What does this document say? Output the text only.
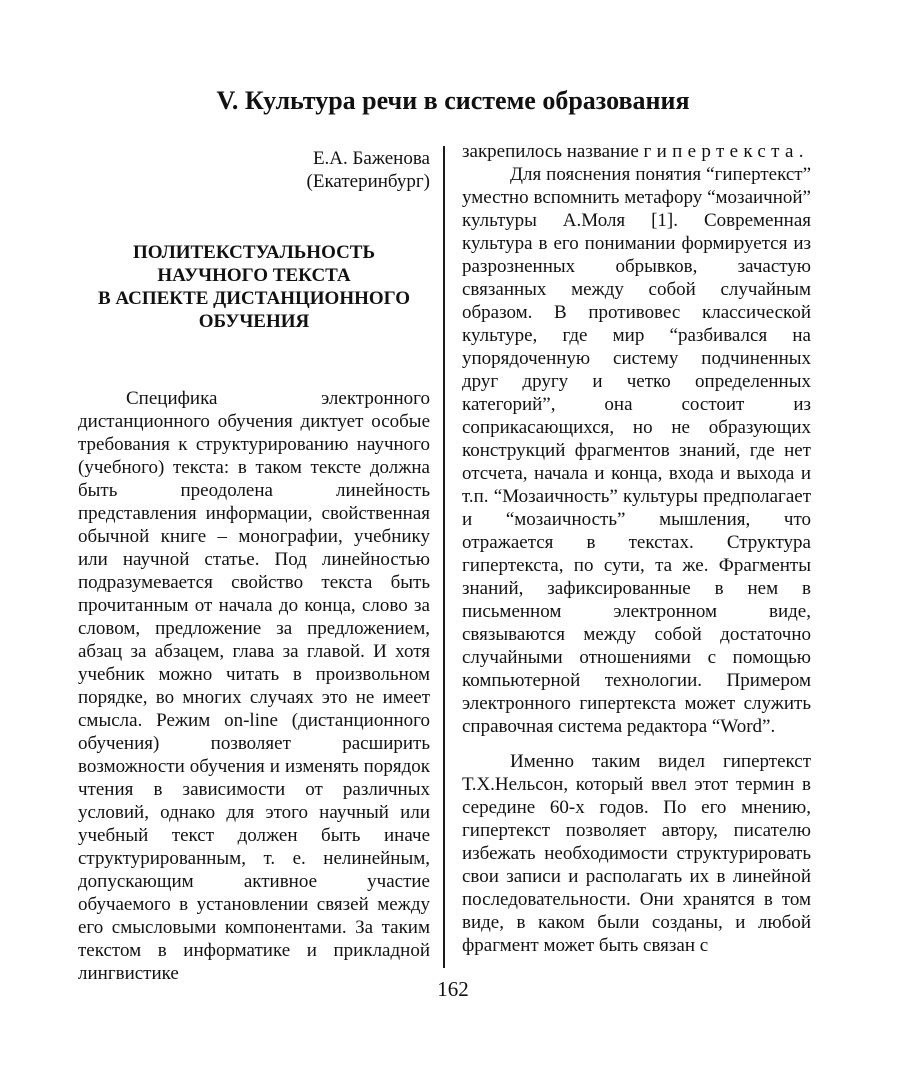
V. Культура речи в системе образования
Е.А. Баженова
(Екатеринбург)
ПОЛИТЕКСТУАЛЬНОСТЬ
НАУЧНОГО ТЕКСТА
В АСПЕКТЕ ДИСТАНЦИОННОГО
ОБУЧЕНИЯ

Специфика электронного дистанционного обучения диктует особые требования к структурированию научного (учебного) текста: в таком тексте должна быть преодолена линейность представления информации, свойственная обычной книге – монографии, учебнику или научной статье. Под линейностью подразумевается свойство текста быть прочитанным от начала до конца, слово за словом, предложение за предложением, абзац за абзацем, глава за главой. И хотя учебник можно читать в произвольном порядке, во многих случаях это не имеет смысла. Режим on-line (дистанционного обучения) позволяет расширить возможности обучения и изменять порядок чтения в зависимости от различных условий, однако для этого научный или учебный текст должен быть иначе структурированным, т. е. нелинейным, допускающим активное участие обучаемого в установлении связей между его смысловыми компонентами. За таким текстом в информатике и прикладной лингвистике

закрепилось название гипертекста.

Для пояснения понятия “гипертекст” уместно вспомнить метафору “мозаичной” культуры А.Моля [1]. Современная культура в его понимании формируется из разрозненных обрывков, зачастую связанных между собой случайным образом. В противовес классической культуре, где мир “разбивался на упорядоченную систему подчиненных друг другу и четко определенных категорий”, она состоит из соприкасающихся, но не образующих конструкций фрагментов знаний, где нет отсчета, начала и конца, входа и выхода и т.п. “Мозаичность” культуры предполагает и “мозаичность” мышления, что отражается в текстах. Структура гипертекста, по сути, та же. Фрагменты знаний, зафиксированные в нем в письменном электронном виде, связываются между собой достаточно случайными отношениями с помощью компьютерной технологии. Примером электронного гипертекста может служить справочная система редактора “Word”.

Именно таким видел гипертекст Т.Х.Нельсон, который ввел этот термин в середине 60-х годов. По его мнению, гипертекст позволяет автору, писателю избежать необходимости структурировать свои записи и располагать их в линейной последовательности. Они хранятся в том виде, в каком были созданы, и любой фрагмент может быть связан с

162
